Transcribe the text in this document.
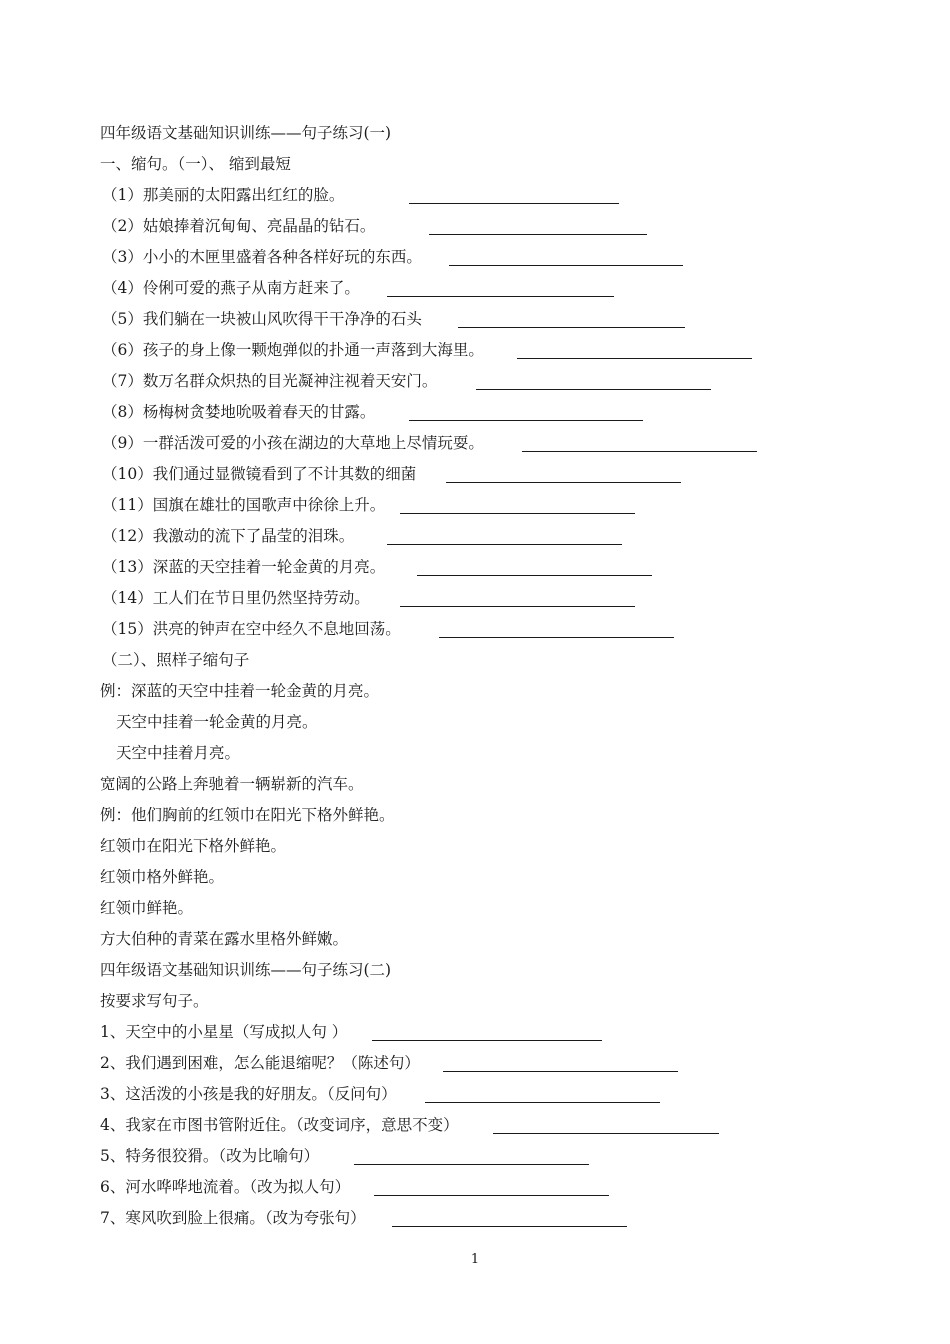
四年级语文基础知识训练——句子练习(一)
一、缩句。（一）、 缩到最短
（1）那美丽的太阳露出红红的脸。
（2）姑娘捧着沉甸甸、亮晶晶的钻石。
（3）小小的木匣里盛着各种各样好玩的东西。
（4）伶俐可爱的燕子从南方赶来了。
（5）我们躺在一块被山风吹得干干净净的石头
（6）孩子的身上像一颗炮弹似的扑通一声落到大海里。
（7）数万名群众炽热的目光凝神注视着天安门。
（8）杨梅树贪婪地吮吸着春天的甘露。
（9）一群活泼可爱的小孩在湖边的大草地上尽情玩耍。
（10）我们通过显微镜看到了不计其数的细菌
（11）国旗在雄壮的国歌声中徐徐上升。
（12）我激动的流下了晶莹的泪珠。
（13）深蓝的天空挂着一轮金黄的月亮。
（14）工人们在节日里仍然坚持劳动。
（15）洪亮的钟声在空中经久不息地回荡。
（二）、照样子缩句子
例：深蓝的天空中挂着一轮金黄的月亮。
天空中挂着一轮金黄的月亮。
天空中挂着月亮。
宽阔的公路上奔驰着一辆崭新的汽车。
例：他们胸前的红领巾在阳光下格外鲜艳。
红领巾在阳光下格外鲜艳。
红领巾格外鲜艳。
红领巾鲜艳。
方大伯种的青菜在露水里格外鲜嫩。
四年级语文基础知识训练——句子练习(二)
按要求写句子。
1、天空中的小星星（写成拟人句 ）
2、我们遇到困难，怎么能退缩呢？（陈述句）
3、这活泼的小孩是我的好朋友。（反问句）
4、我家在市图书管附近住。（改变词序，意思不变）
5、特务很狡猾。（改为比喻句）
6、河水哗哗地流着。（改为拟人句）
7、寒风吹到脸上很痛。（改为夸张句）
1
